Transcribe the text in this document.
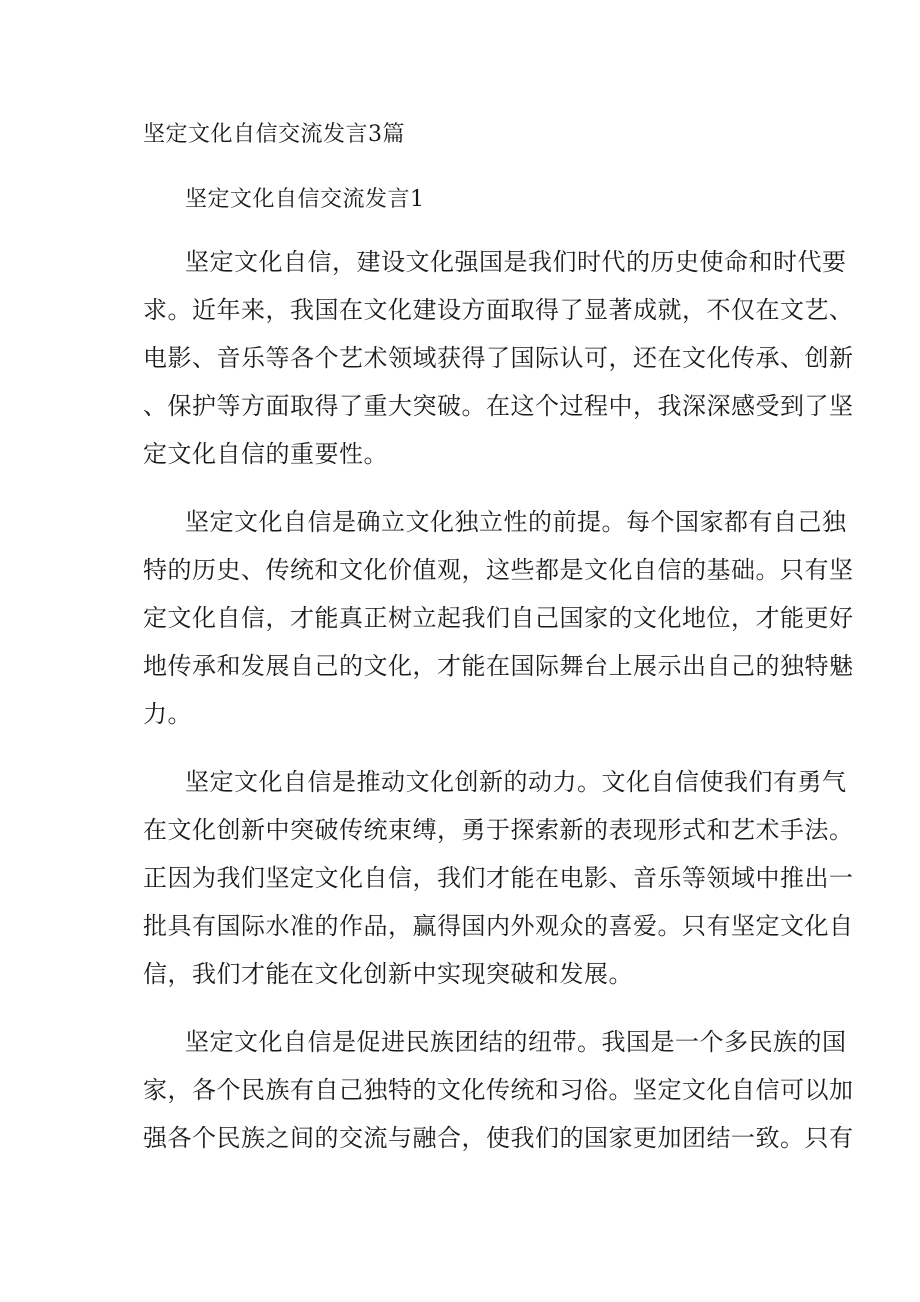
坚定文化自信交流发言3篇
坚定文化自信交流发言1
坚定文化自信，建设文化强国是我们时代的历史使命和时代要
求。近年来，我国在文化建设方面取得了显著成就，不仅在文艺、
电影、音乐等各个艺术领域获得了国际认可，还在文化传承、创新
、保护等方面取得了重大突破。在这个过程中，我深深感受到了坚
定文化自信的重要性。
坚定文化自信是确立文化独立性的前提。每个国家都有自己独
特的历史、传统和文化价值观，这些都是文化自信的基础。只有坚
定文化自信，才能真正树立起我们自己国家的文化地位，才能更好
地传承和发展自己的文化，才能在国际舞台上展示出自己的独特魅
力。
坚定文化自信是推动文化创新的动力。文化自信使我们有勇气
在文化创新中突破传统束缚，勇于探索新的表现形式和艺术手法。
正因为我们坚定文化自信，我们才能在电影、音乐等领域中推出一
批具有国际水准的作品，赢得国内外观众的喜爱。只有坚定文化自
信，我们才能在文化创新中实现突破和发展。
坚定文化自信是促进民族团结的纽带。我国是一个多民族的国
家，各个民族有自己独特的文化传统和习俗。坚定文化自信可以加
强各个民族之间的交流与融合，使我们的国家更加团结一致。只有
